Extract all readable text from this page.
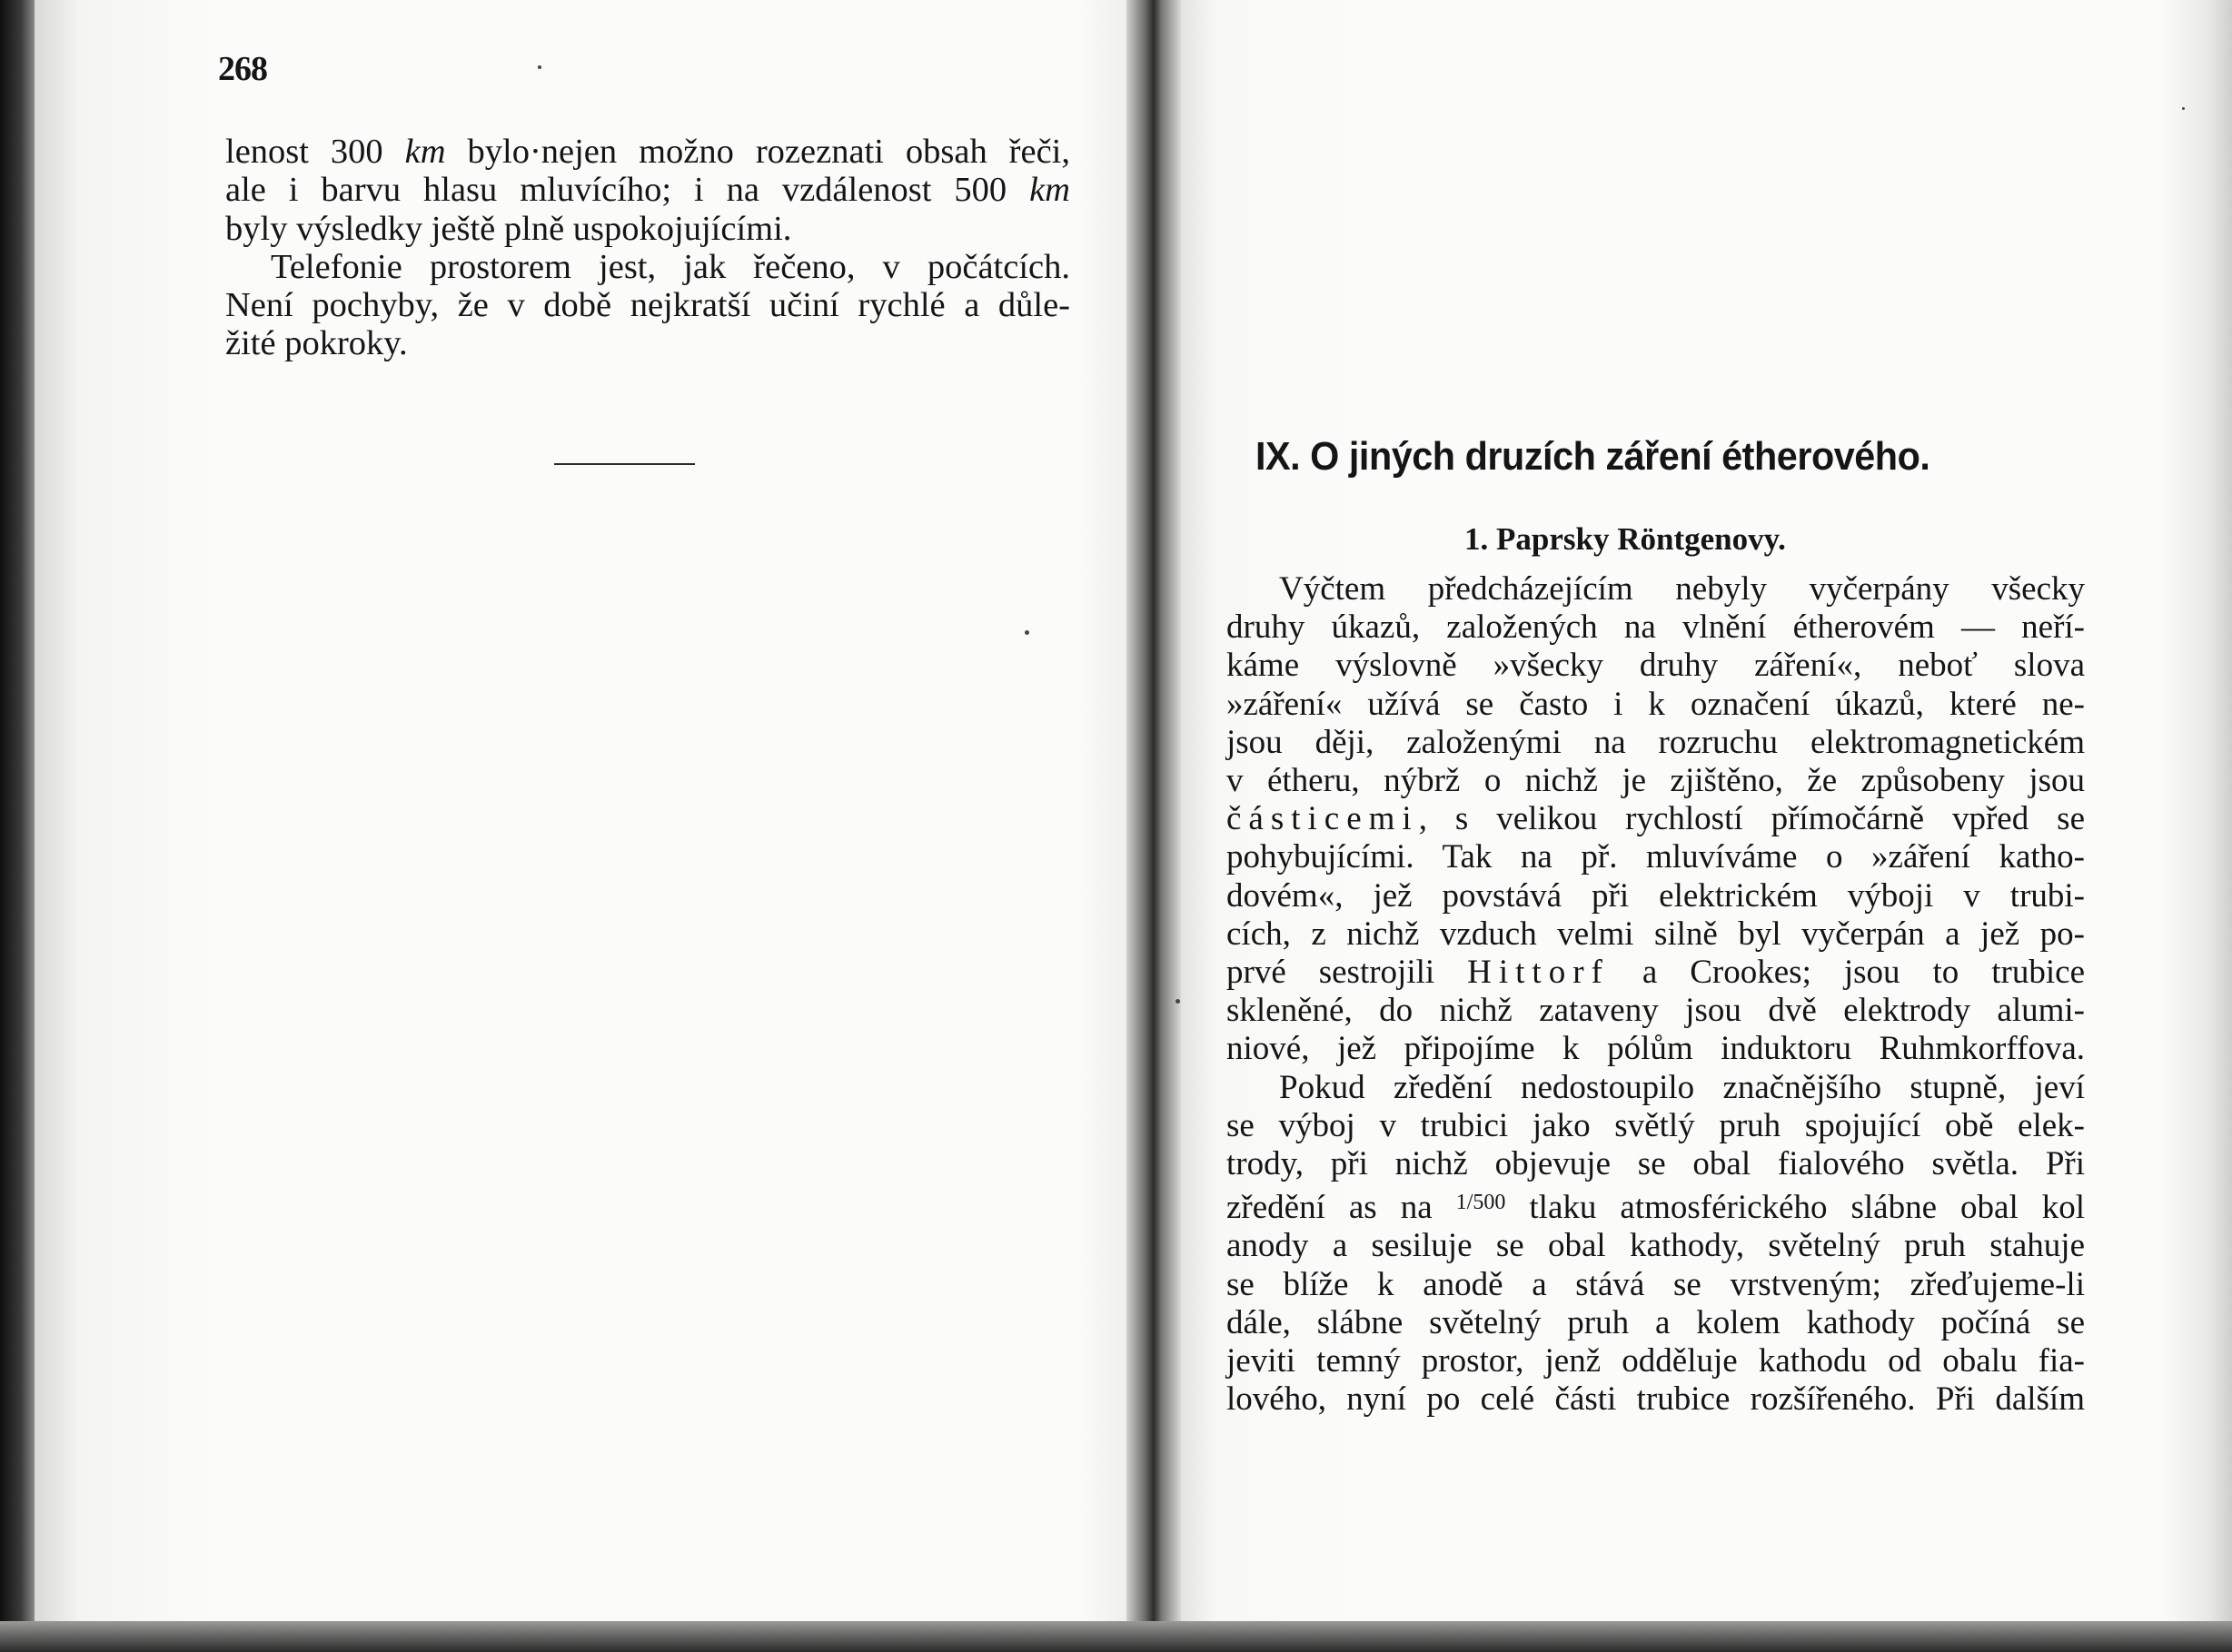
268
lenost 300 km bylo·nejen možno rozeznati obsah řeči,
ale i barvu hlasu mluvícího; i na vzdálenost 500 km
byly výsledky ještě plně uspokojujícími.
Telefonie prostorem jest, jak řečeno, v počátcích.
Není pochyby, že v době nejkratší učiní rychlé a důle-
žité pokroky.
IX. O jiných druzích záření étherového.
1. Paprsky Röntgenovy.
Výčtem předcházejícím nebyly vyčerpány všecky
druhy úkazů, založených na vlnění étherovém — neří-
káme výslovně »všecky druhy záření«, neboť slova
»záření« užívá se často i k označení úkazů, které ne-
jsou ději, založenými na rozruchu elektromagnetickém
v étheru, nýbrž o nichž je zjištěno, že způsobeny jsou
částicemi, s velikou rychlostí přímočárně vpřed se
pohybujícími. Tak na př. mluvíváme o »záření katho-
dovém«, jež povstává při elektrickém výboji v trubi-
cích, z nichž vzduch velmi silně byl vyčerpán a jež po-
prvé sestrojili Hittorf a Crookes; jsou to trubice
skleněné, do nichž zataveny jsou dvě elektrody alumi-
niové, jež připojíme k pólům induktoru Ruhmkorffova.
Pokud zředění nedostoupilo značnějšího stupně, jeví
se výboj v trubici jako světlý pruh spojující obě elek-
trody, při nichž objevuje se obal fialového světla. Při
zředění as na $^{1/500}$ tlaku atmosférického slábne obal kol
anody a sesiluje se obal kathody, světelný pruh stahuje
se blíže k anodě a stává se vrstveným; zřeďujeme-li
dále, slábne světelný pruh a kolem kathody počíná se
jeviti temný prostor, jenž odděluje kathodu od obalu fia-
lového, nyní po celé části trubice rozšířeného. Při dalším
